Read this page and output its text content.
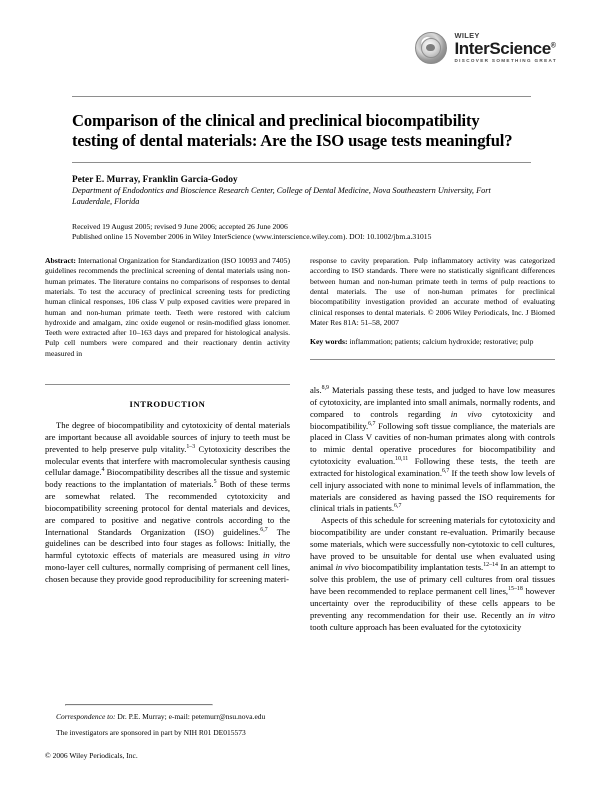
WILEY
InterScience®
DISCOVER SOMETHING GREAT
Comparison of the clinical and preclinical biocompatibility testing of dental materials: Are the ISO usage tests meaningful?

Peter E. Murray, Franklin Garcia-Godoy

Department of Endodontics and Bioscience Research Center, College of Dental Medicine, Nova Southeastern University, Fort Lauderdale, Florida

Received 19 August 2005; revised 9 June 2006; accepted 26 June 2006

Published online 15 November 2006 in Wiley InterScience (www.interscience.wiley.com). DOI: 10.1002/jbm.a.31015

Abstract: International Organization for Standardization (ISO 10093 and 7405) guidelines recommends the preclinical screening of dental materials using non-human primates. The literature contains no comparisons of responses to dental materials. To test the accuracy of preclinical screening tests for predicting human clinical responses, 106 class V pulp exposed cavities were prepared in human and non-human primate teeth. Teeth were restored with calcium hydroxide and amalgam, zinc oxide eugenol or resin-modified glass ionomer. Teeth were extracted after 10–163 days and prepared for histological analysis. Pulp cell numbers were compared and their reactionary dentin activity measured in

response to cavity preparation. Pulp inflammatory activity was categorized according to ISO standards. There were no statistically significant differences between human and non-human primate teeth in terms of pulp reactions to dental materials. The use of non-human primates for preclinical biocompatibility investigation provided an accurate method of evaluating clinical responses to dental materials. © 2006 Wiley Periodicals, Inc. J Biomed Mater Res 81A: 51–58, 2007

Key words: inflammation; patients; calcium hydroxide; restorative; pulp

INTRODUCTION

The degree of biocompatibility and cytotoxicity of dental materials are important because all avoidable sources of injury to teeth must be prevented to help preserve pulp vitality.$^{1-3}$ Cytotoxicity describes the molecular events that interfere with macromolecular synthesis causing cellular damage.$^4$ Biocompatibility describes all the tissue and systemic body reactions to the implantation of materials.$^5$ Both of these terms are somewhat related. The recommended cytotoxicity and biocompatibility screening protocol for dental materials and devices, are compared to positive and negative controls according to the International Standards Organization (ISO) guidelines.$^{6,7}$ The guidelines can be described into four stages as follows: Initially, the harmful cytotoxic effects of materials are measured using in vitro mono-layer cell cultures, normally comprising of permanent cell lines, chosen because they provide good reproducibility for screening materi-

Correspondence to: Dr. P.E. Murray; e-mail: petemurr@nsu.nova.edu

The investigators are sponsored in part by NIH R01 DE015573

© 2006 Wiley Periodicals, Inc.

als.$^{8,9}$ Materials passing these tests, and judged to have low measures of cytotoxicity, are implanted into small animals, normally rodents, and compared to controls regarding in vivo cytotoxicity and biocompatibility.$^{6,7}$ Following soft tissue compliance, the materials are placed in Class V cavities of non-human primates along with controls to mimic dental operative procedures for biocompatibility and cytotoxicity evaluation.$^{10,11}$ Following these tests, the teeth are extracted for histological examination.$^{6,7}$ If the teeth show low levels of cell injury associated with none to minimal levels of inflammation, the materials are considered as having passed the ISO requirements for clinical trials in patients.$^{6,7}$

Aspects of this schedule for screening materials for cytotoxicity and biocompatibility are under constant re-evaluation. Primarily because some materials, which were successfully non-cytotoxic to cell cultures, have proved to be unsuitable for dental use when evaluated using animal in vivo biocompatibility implantation tests.$^{12-14}$ In an attempt to solve this problem, the use of primary cell cultures from oral tissues have been recommended to replace permanent cell lines,$^{15-18}$ however uncertainty over the reproducibility of these cells appears to be preventing any recommendation for their use. Recently an in vitro tooth culture approach has been evaluated for the cytotoxicity
